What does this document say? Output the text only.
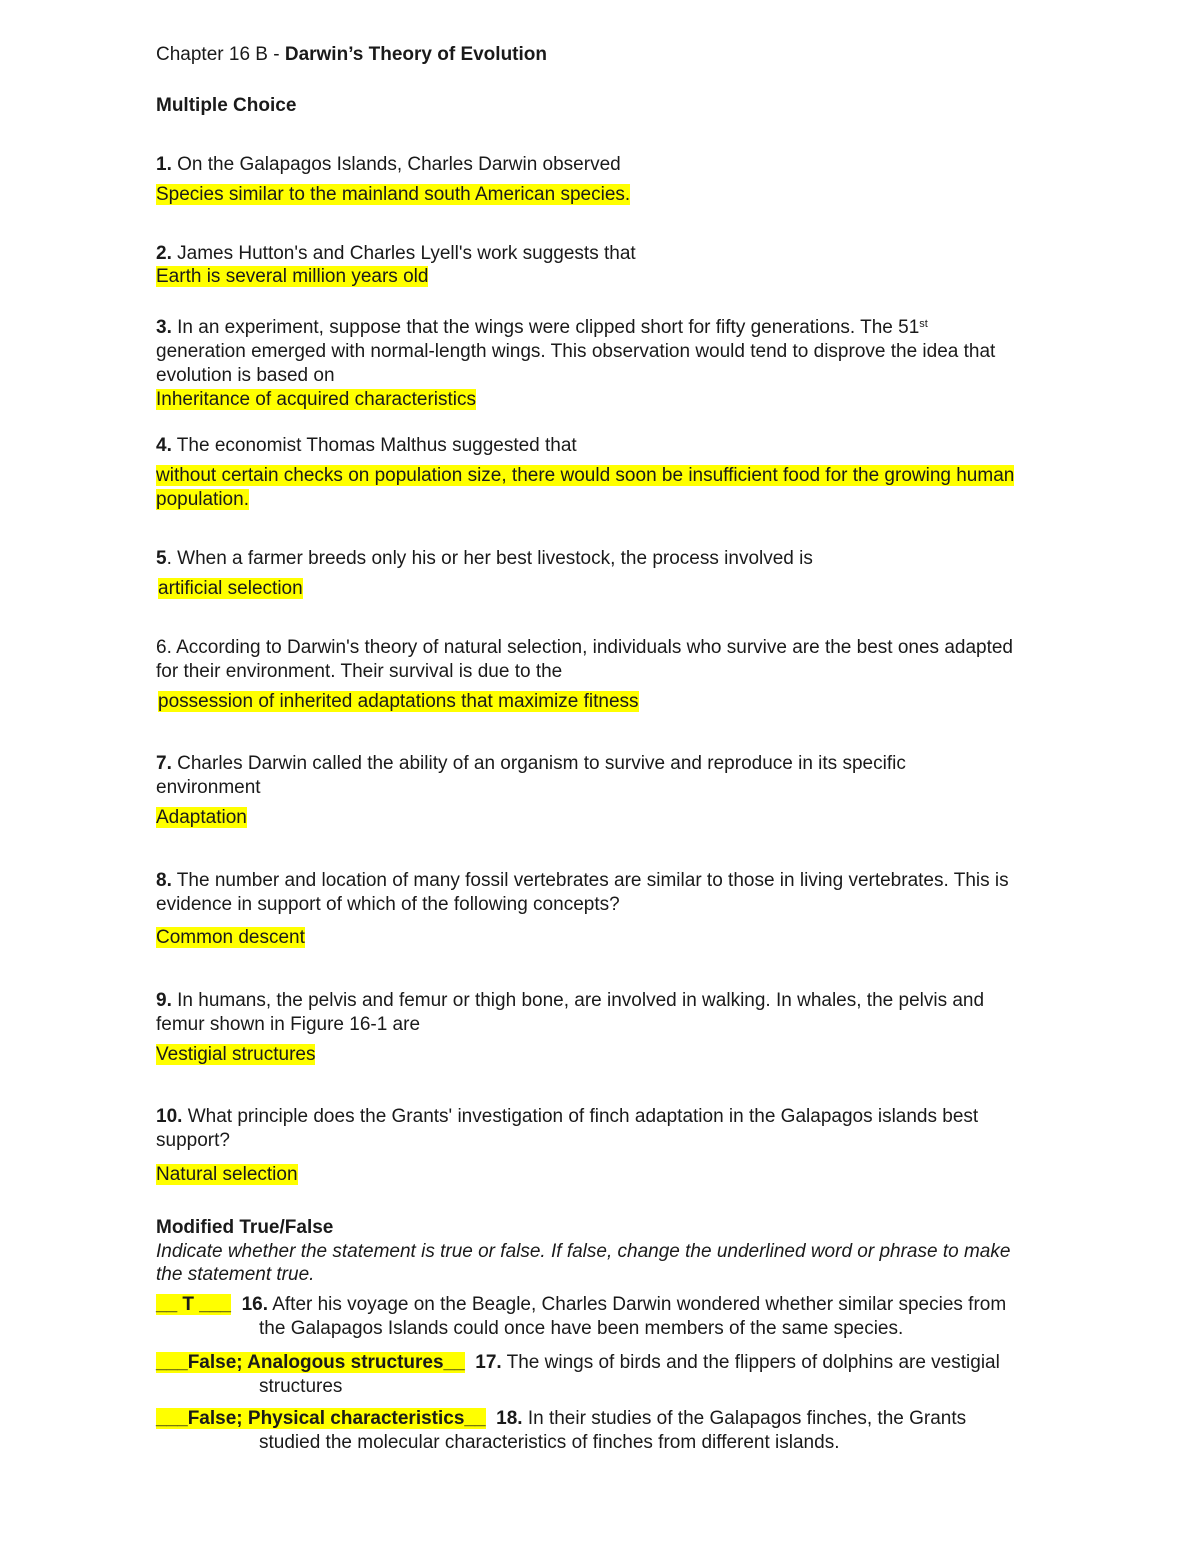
Chapter 16 B - Darwin’s Theory of Evolution
Multiple Choice
1. On the Galapagos Islands, Charles Darwin observed
Species similar to the mainland south American species.
2. James Hutton's and Charles Lyell's work suggests that
Earth is several million years old
3. In an experiment, suppose that the wings were clipped short for fifty generations. The 51st
generation emerged with normal-length wings. This observation would tend to disprove the idea that
evolution is based on
Inheritance of acquired characteristics
4. The economist Thomas Malthus suggested that
without certain checks on population size, there would soon be insufficient food for the growing human
population.
5. When a farmer breeds only his or her best livestock, the process involved is
artificial selection
6. According to Darwin's theory of natural selection, individuals who survive are the best ones adapted
for their environment. Their survival is due to the
possession of inherited adaptations that maximize fitness
7. Charles Darwin called the ability of an organism to survive and reproduce in its specific
environment
Adaptation
8. The number and location of many fossil vertebrates are similar to those in living vertebrates. This is
evidence in support of which of the following concepts?
Common descent
9. In humans, the pelvis and femur or thigh bone, are involved in walking. In whales, the pelvis and
femur shown in Figure 16-1 are
Vestigial structures
10. What principle does the Grants' investigation of finch adaptation in the Galapagos islands best
support?
Natural selection
Modified True/False
Indicate whether the statement is true or false. If false, change the underlined word or phrase to make
the statement true.
__ T ___ 16. After his voyage on the Beagle, Charles Darwin wondered whether similar species from
the Galapagos Islands could once have been members of the same species.
___False; Analogous structures__ 17. The wings of birds and the flippers of dolphins are vestigial
structures
___False; Physical characteristics__ 18. In their studies of the Galapagos finches, the Grants
studied the molecular characteristics of finches from different islands.
